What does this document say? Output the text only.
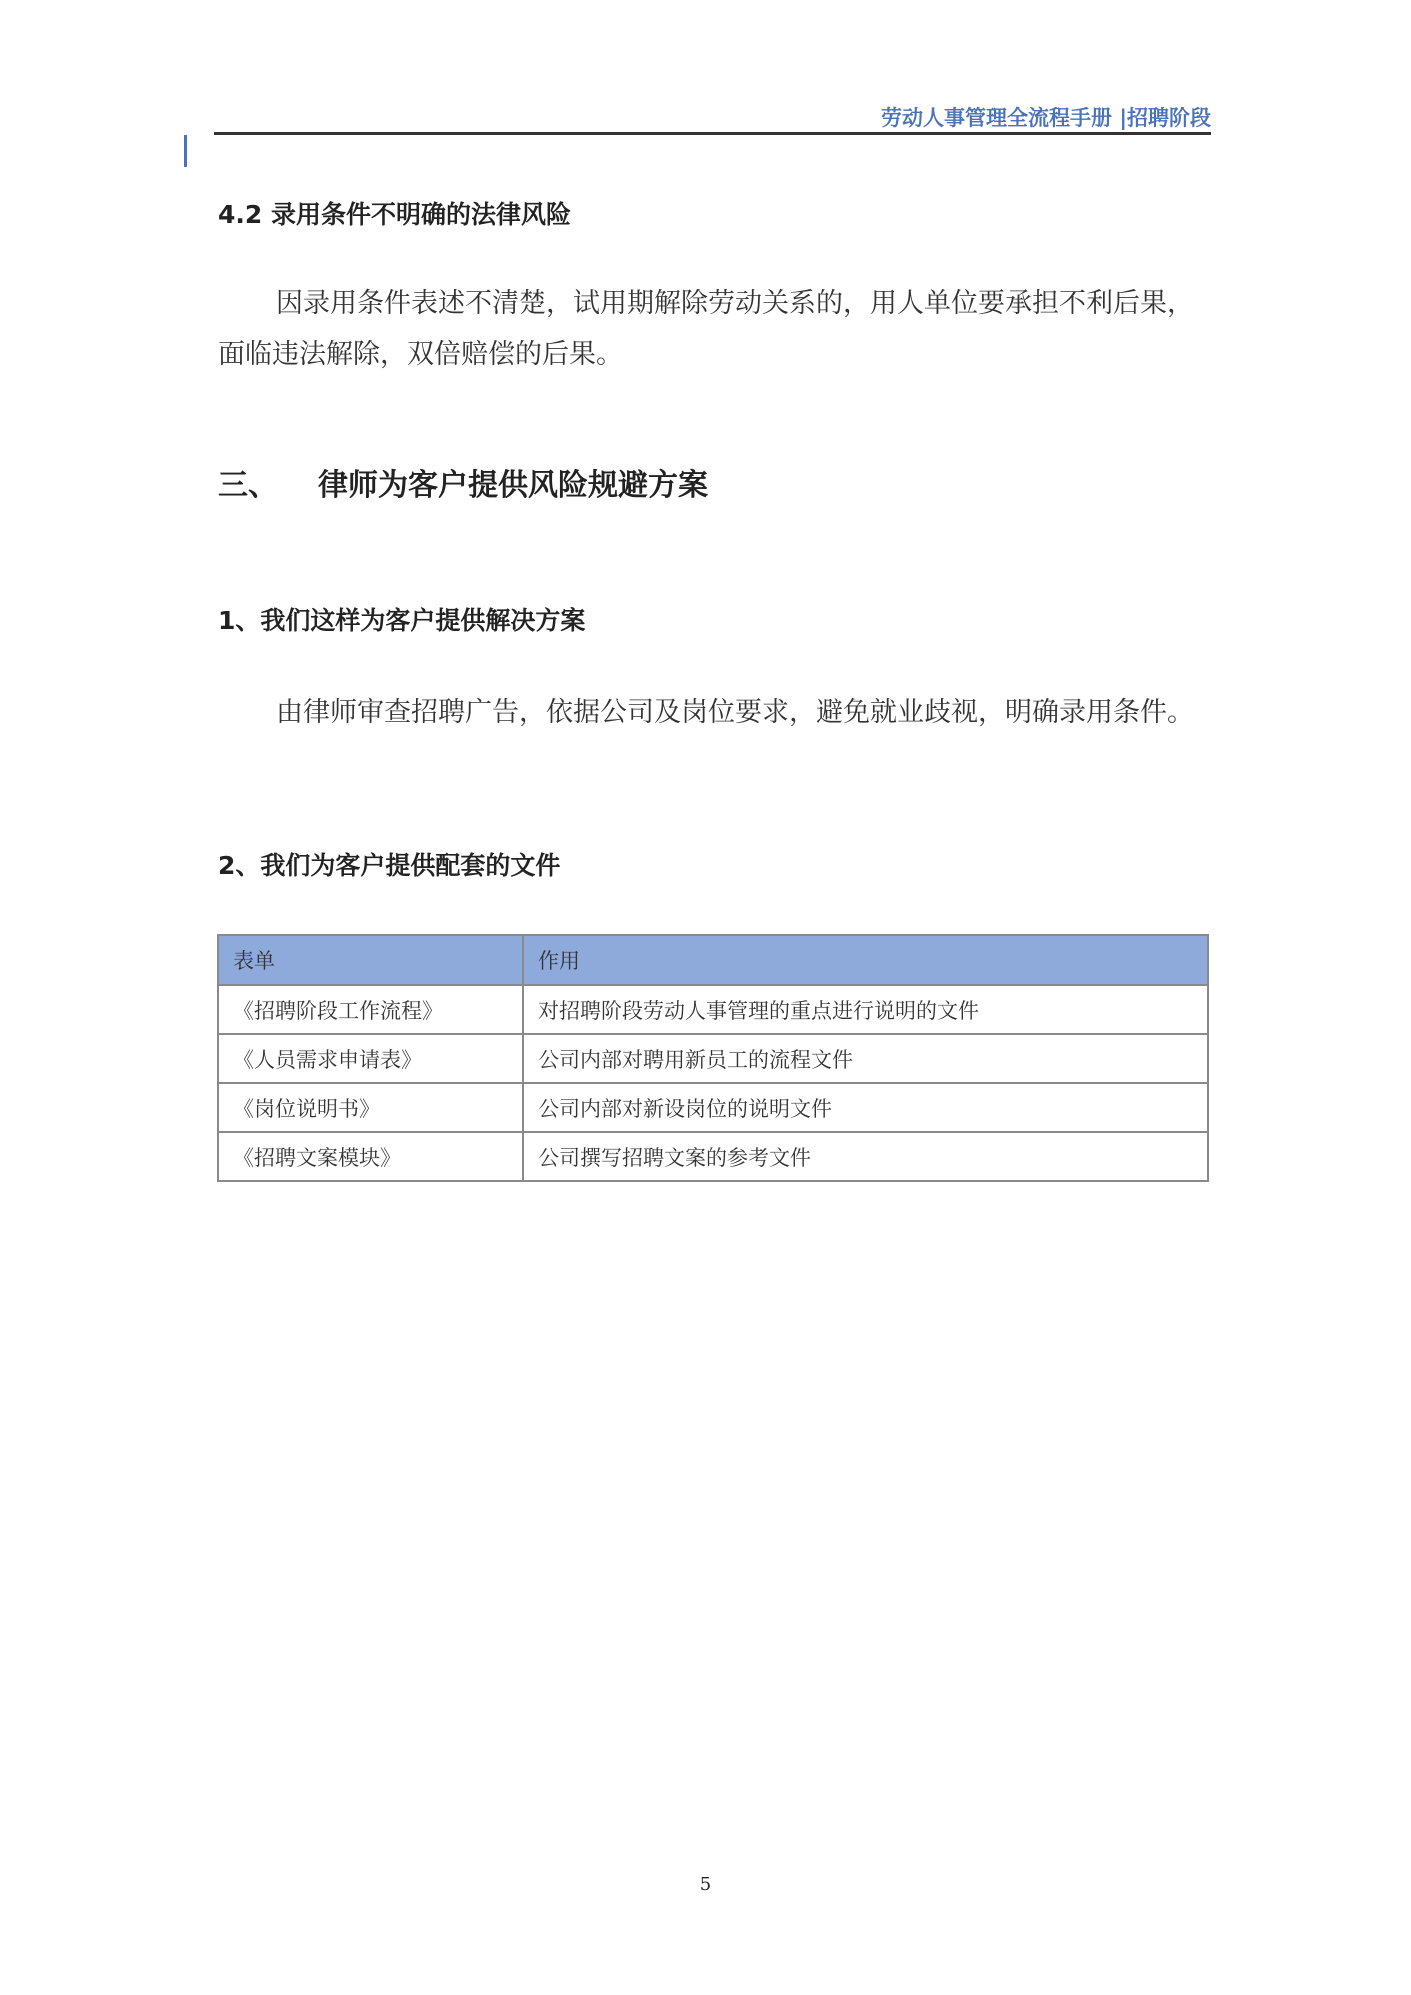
劳动人事管理全流程手册 |招聘阶段
4.2 录用条件不明确的法律风险
因录用条件表述不清楚，试用期解除劳动关系的，用人单位要承担不利后果，面临违法解除，双倍赔偿的后果。
三、 律师为客户提供风险规避方案
1、我们这样为客户提供解决方案
由律师审查招聘广告，依据公司及岗位要求，避免就业歧视，明确录用条件。
2、我们为客户提供配套的文件
表单	作用
《招聘阶段工作流程》	对招聘阶段劳动人事管理的重点进行说明的文件
《人员需求申请表》	公司内部对聘用新员工的流程文件
《岗位说明书》	公司内部对新设岗位的说明文件
《招聘文案模块》	公司撰写招聘文案的参考文件
5
